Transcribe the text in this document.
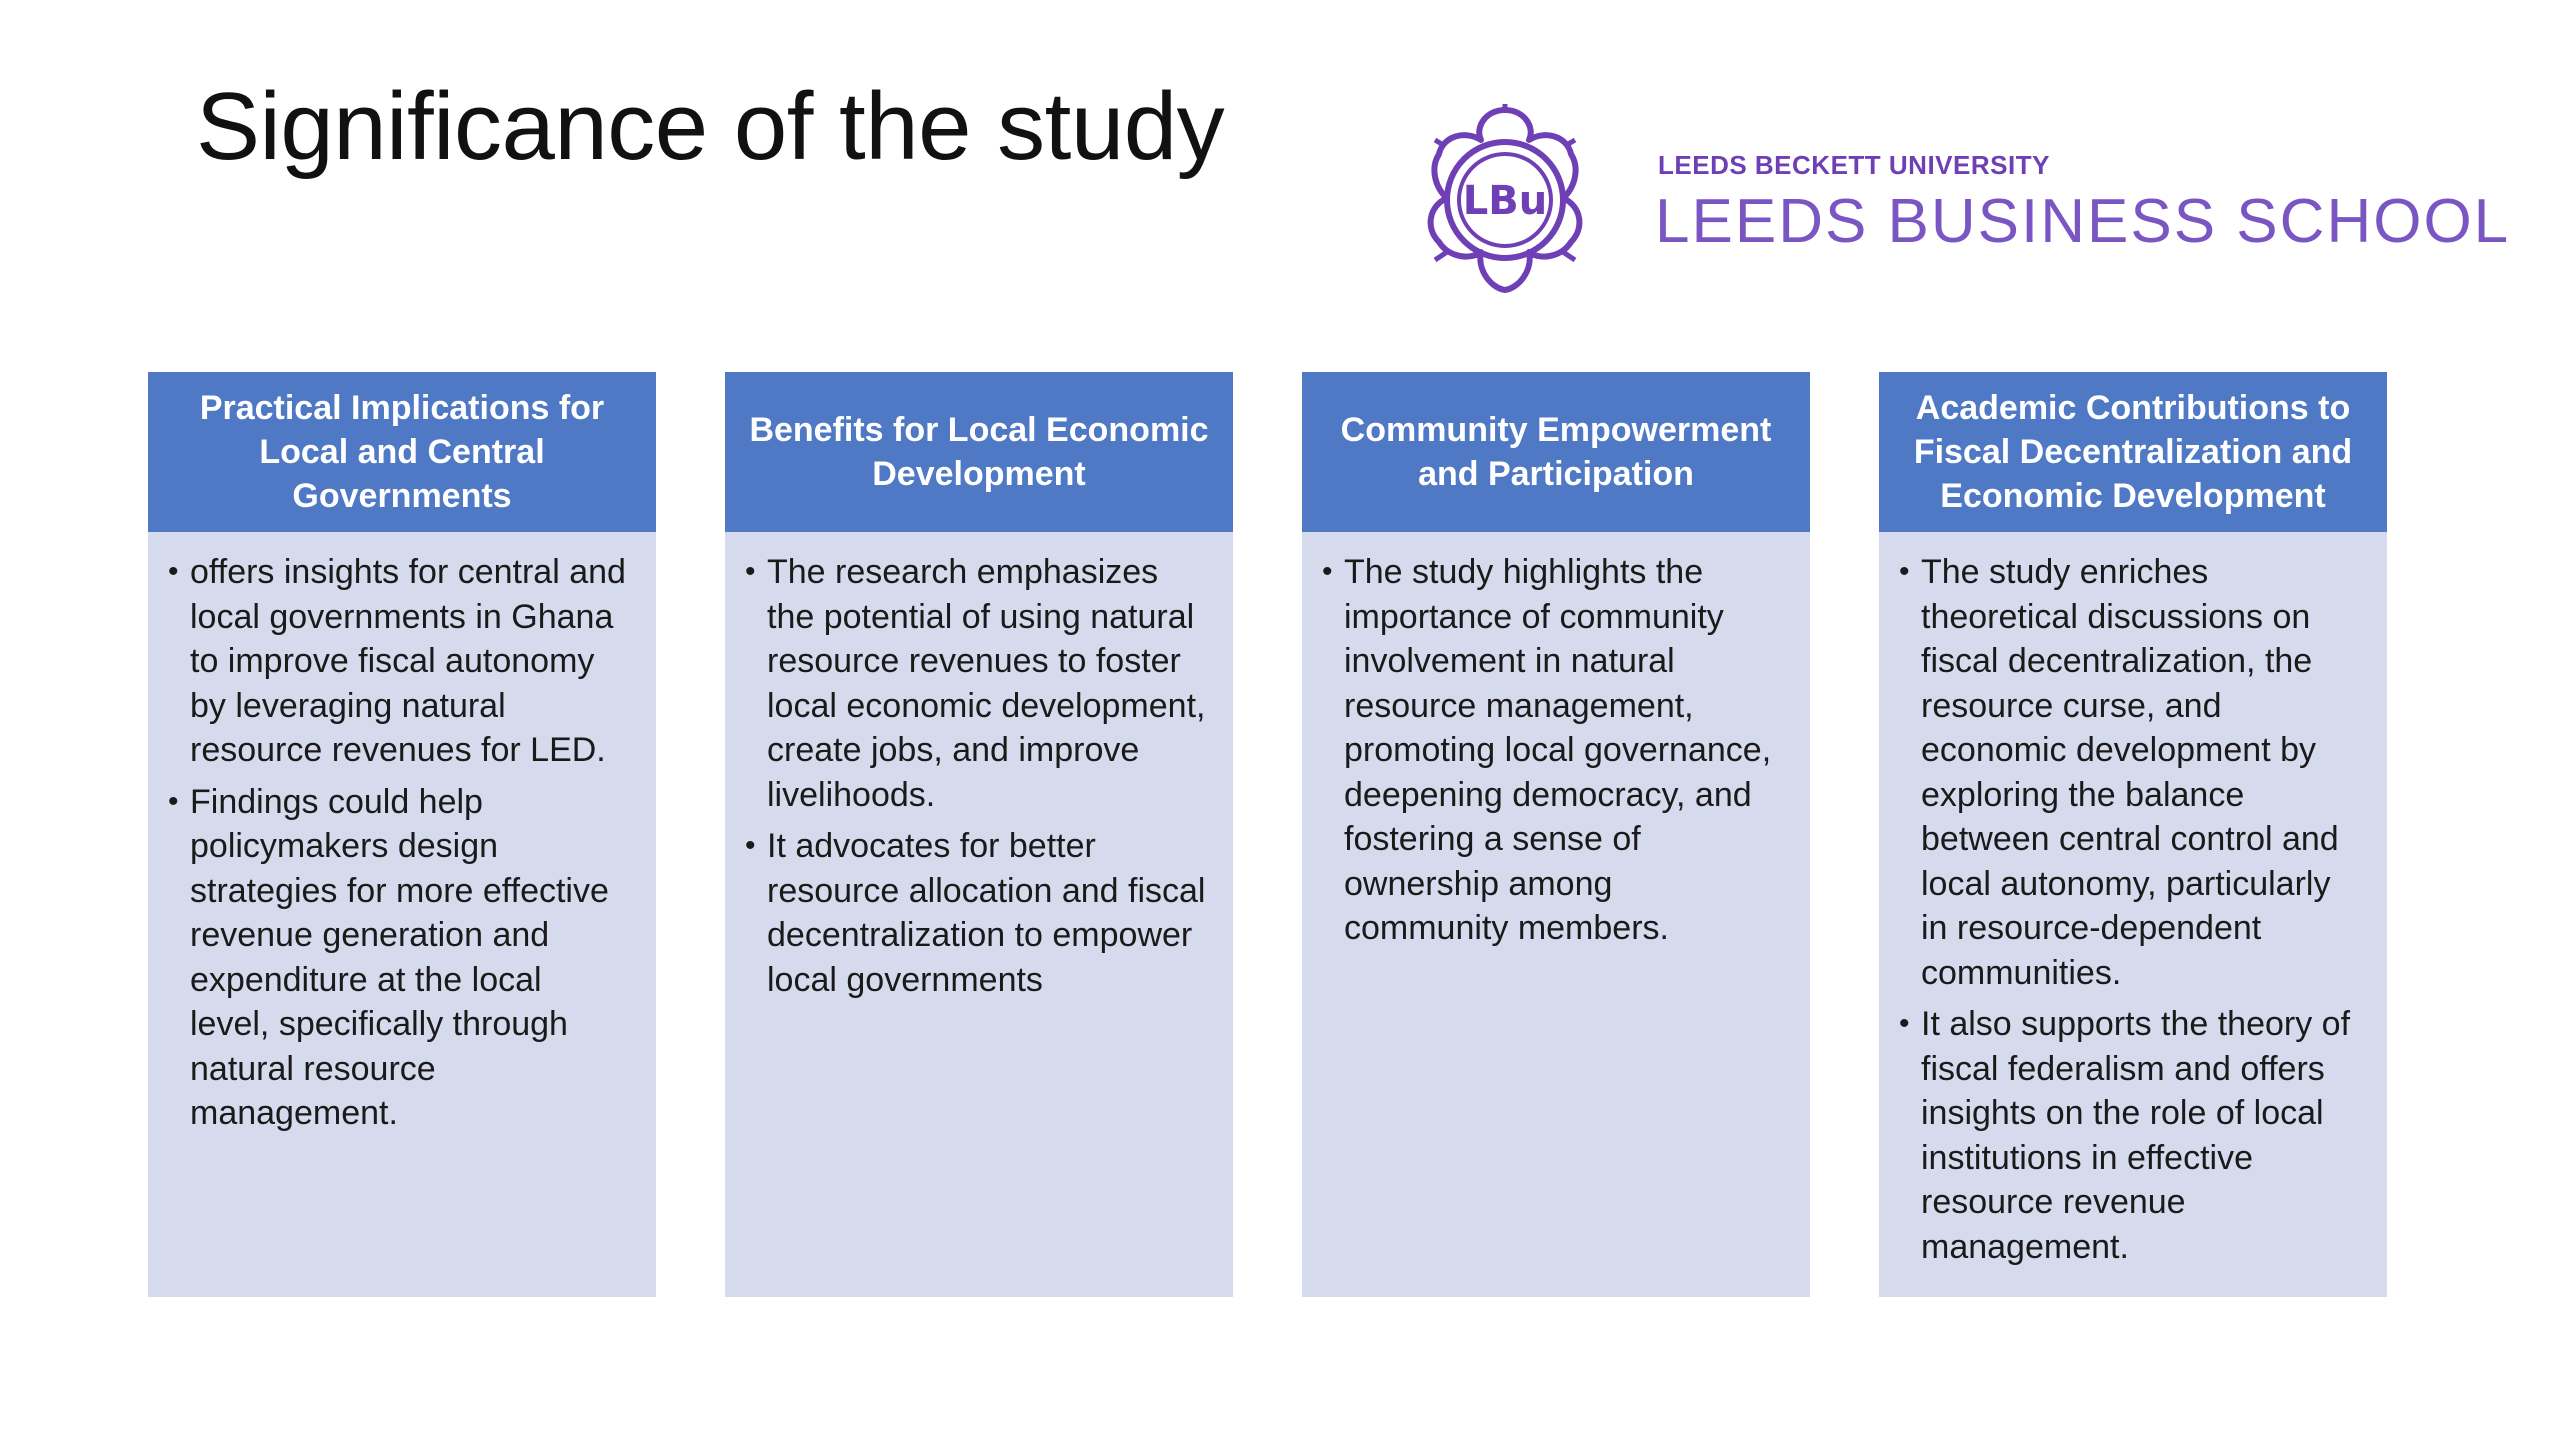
Significance of the study
LBu
LEEDS BECKETT UNIVERSITY
LEEDS BUSINESS SCHOOL
Practical Implications for Local and Central Governments
• offers insights for central and local governments in Ghana to improve fiscal autonomy by leveraging natural resource revenues for LED.
• Findings could help policymakers design strategies for more effective revenue generation and expenditure at the local level, specifically through natural resource management.
Benefits for Local Economic Development
• The research emphasizes the potential of using natural resource revenues to foster local economic development, create jobs, and improve livelihoods.
• It advocates for better resource allocation and fiscal decentralization to empower local governments
Community Empowerment and Participation
• The study highlights the importance of community involvement in natural resource management, promoting local governance, deepening democracy, and fostering a sense of ownership among community members.
Academic Contributions to Fiscal Decentralization and Economic Development
• The study enriches theoretical discussions on fiscal decentralization, the resource curse, and economic development by exploring the balance between central control and local autonomy, particularly in resource-dependent communities.
• It also supports the theory of fiscal federalism and offers insights on the role of local institutions in effective resource revenue management.
